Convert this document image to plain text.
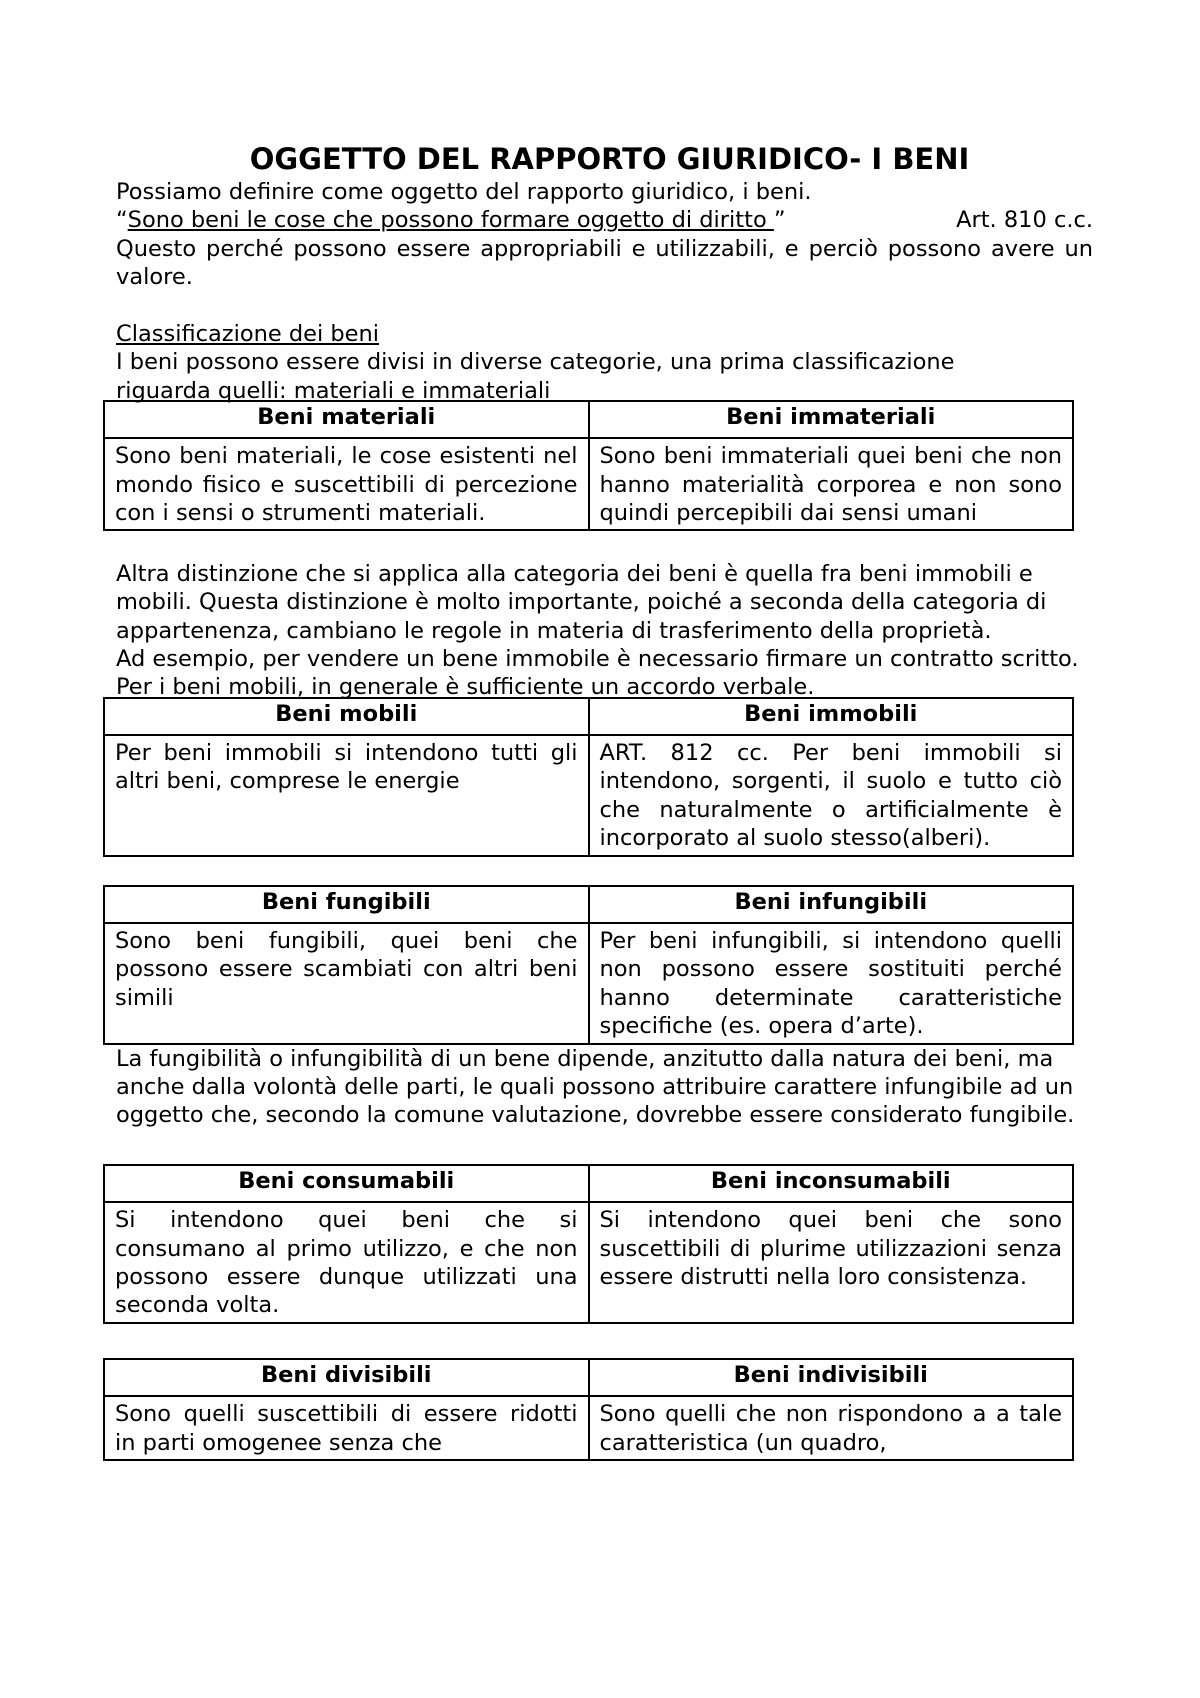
OGGETTO DEL RAPPORTO GIURIDICO- I BENI

Possiamo definire come oggetto del rapporto giuridico, i beni.

“Sono beni le cose che possono formare oggetto di diritto ”	Art. 810 c.c.

Questo perché possono essere appropriabili e utilizzabili, e perciò possono avere un valore.

Classificazione dei beni

I beni possono essere divisi in diverse categorie, una prima classificazione riguarda quelli: materiali e immateriali

Beni materiali	Beni immateriali
Sono beni materiali, le cose esistenti nel mondo fisico e suscettibili di percezione con i sensi o strumenti materiali.	Sono beni immateriali quei beni che non hanno materialità corporea e non sono quindi percepibili dai sensi umani

Altra distinzione che si applica alla categoria dei beni è quella fra beni immobili e mobili. Questa distinzione è molto importante, poiché a seconda della categoria di appartenenza, cambiano le regole in materia di trasferimento della proprietà.

Ad esempio, per vendere un bene immobile è necessario firmare un contratto scritto. Per i beni mobili, in generale è sufficiente un accordo verbale.

Beni mobili	Beni immobili
Per beni immobili si intendono tutti gli altri beni, comprese le energie	ART. 812 cc. Per beni immobili si intendono, sorgenti, il suolo e tutto ciò che naturalmente o artificialmente è incorporato al suolo stesso(alberi).
Beni fungibili	Beni infungibili
Sono beni fungibili, quei beni che possono essere scambiati con altri beni simili	Per beni infungibili, si intendono quelli non possono essere sostituiti perché hanno determinate caratteristiche specifiche (es. opera d’arte).

La fungibilità o infungibilità di un bene dipende, anzitutto dalla natura dei beni, ma anche dalla volontà delle parti, le quali possono attribuire carattere infungibile ad un oggetto che, secondo la comune valutazione, dovrebbe essere considerato fungibile.

Beni consumabili	Beni inconsumabili
Si intendono quei beni che si consumano al primo utilizzo, e che non possono essere dunque utilizzati una seconda volta.	Si intendono quei beni che sono suscettibili di plurime utilizzazioni senza essere distrutti nella loro consistenza.
Beni divisibili	Beni indivisibili
Sono quelli suscettibili di essere ridotti in parti omogenee senza che	Sono quelli che non rispondono a a tale caratteristica (un quadro,
